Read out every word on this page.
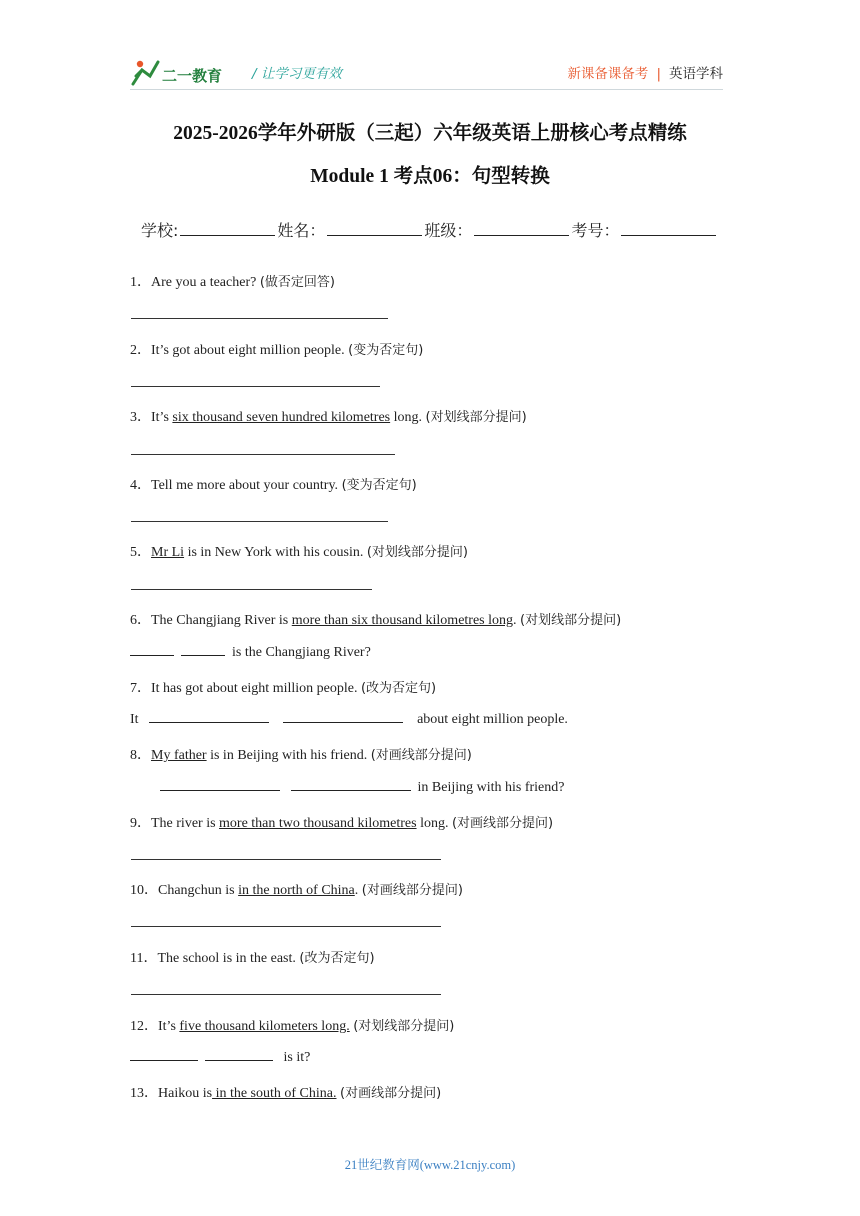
二一教育 / 让学习更有效	新课备课备考 | 英语学科
2025-2026学年外研版（三起）六年级英语上册核心考点精练
Module 1 考点06：句型转换
学校:	姓名：	班级：	考号：
1．Are you a teacher? (做否定回答)
2．It’s got about eight million people. (变为否定句)
3．It’s six thousand seven hundred kilometres long. (对划线部分提问)
4．Tell me more about your country. (变为否定句)
5．Mr Li is in New York with his cousin. (对划线部分提问)
6．The Changjiang River is more than six thousand kilometres long. (对划线部分提问)
is the Changjiang River?
7．It has got about eight million people. (改为否定句)
It	about eight million people.
8．My father is in Beijing with his friend. (对画线部分提问)
in Beijing with his friend?
9．The river is more than two thousand kilometres long. (对画线部分提问)
10．Changchun is in the north of China. (对画线部分提问)
11．The school is in the east. (改为否定句)
12．It’s five thousand kilometers long. (对划线部分提问)
is it?
13．Haikou is in the south of China. (对画线部分提问)
21世纪教育网(www.21cnjy.com)
